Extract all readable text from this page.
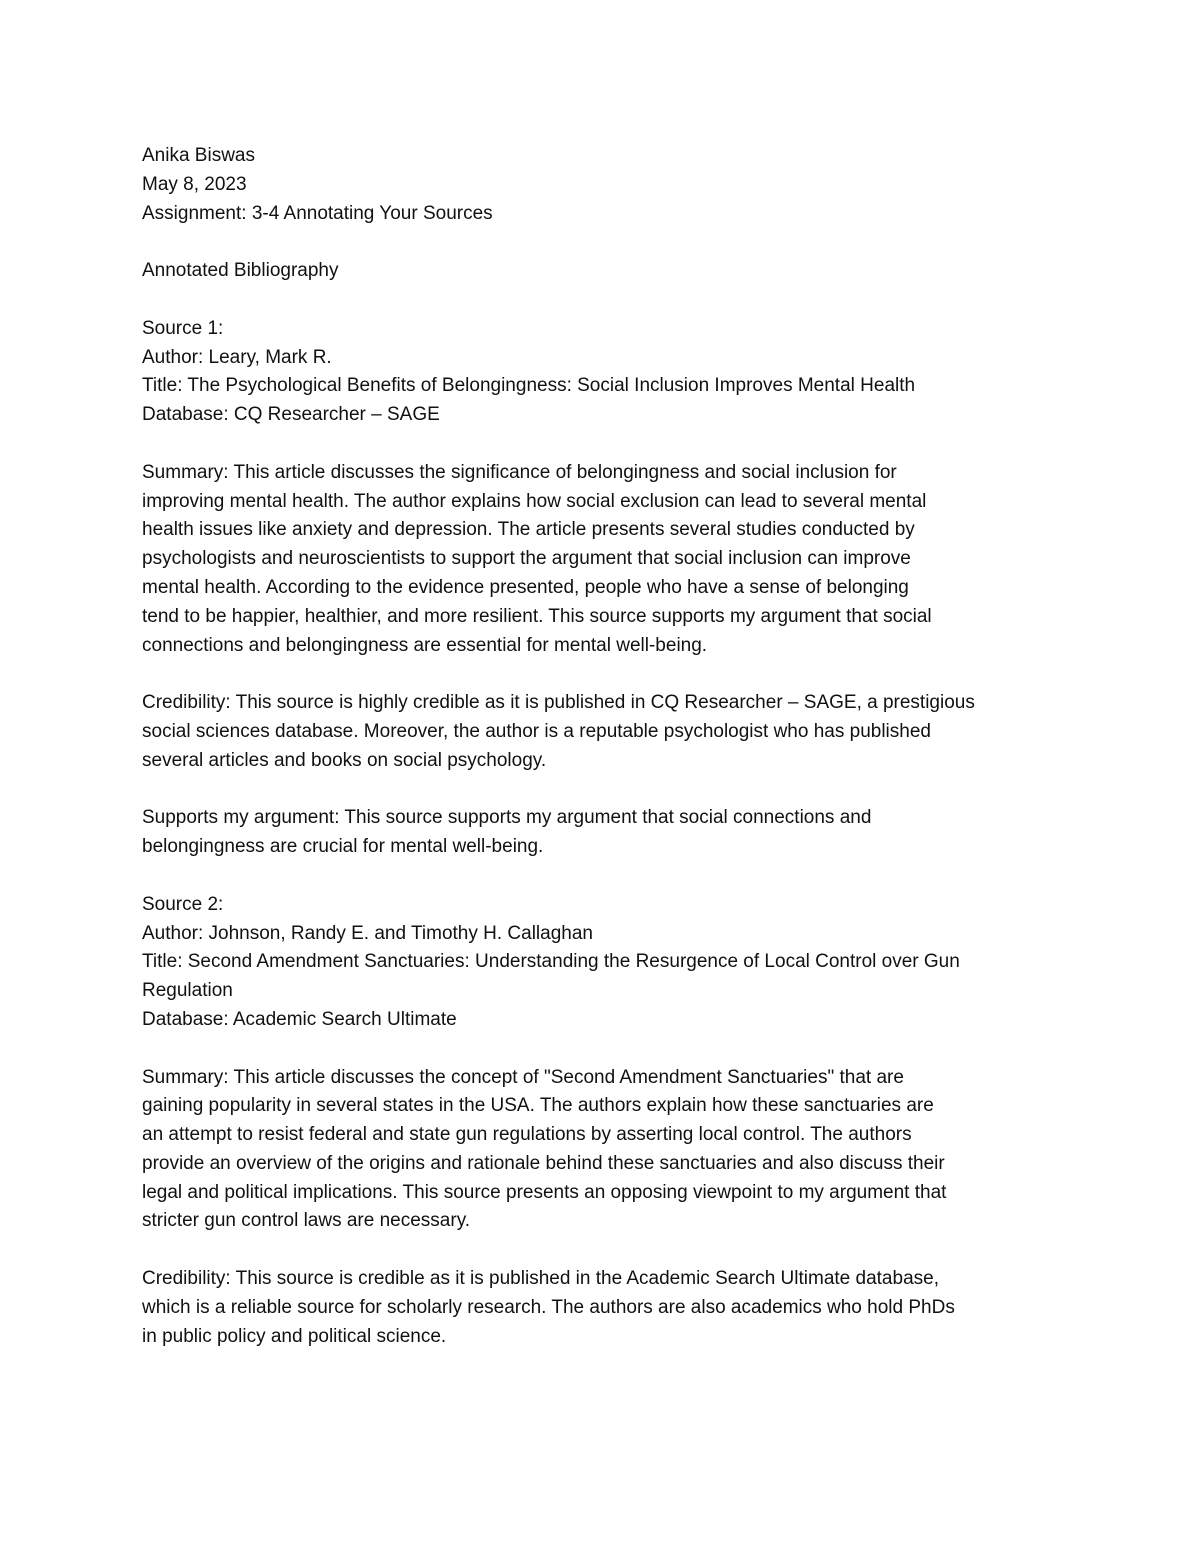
Anika Biswas
May 8, 2023
Assignment: 3-4 Annotating Your Sources
Annotated Bibliography
Source 1:
Author: Leary, Mark R.
Title: The Psychological Benefits of Belongingness: Social Inclusion Improves Mental Health
Database: CQ Researcher – SAGE
Summary: This article discusses the significance of belongingness and social inclusion for
improving mental health. The author explains how social exclusion can lead to several mental
health issues like anxiety and depression. The article presents several studies conducted by
psychologists and neuroscientists to support the argument that social inclusion can improve
mental health. According to the evidence presented, people who have a sense of belonging
tend to be happier, healthier, and more resilient. This source supports my argument that social
connections and belongingness are essential for mental well-being.
Credibility: This source is highly credible as it is published in CQ Researcher – SAGE, a prestigious
social sciences database. Moreover, the author is a reputable psychologist who has published
several articles and books on social psychology.
Supports my argument: This source supports my argument that social connections and
belongingness are crucial for mental well-being.
Source 2:
Author: Johnson, Randy E. and Timothy H. Callaghan
Title: Second Amendment Sanctuaries: Understanding the Resurgence of Local Control over Gun
Regulation
Database: Academic Search Ultimate
Summary: This article discusses the concept of "Second Amendment Sanctuaries" that are
gaining popularity in several states in the USA. The authors explain how these sanctuaries are
an attempt to resist federal and state gun regulations by asserting local control. The authors
provide an overview of the origins and rationale behind these sanctuaries and also discuss their
legal and political implications. This source presents an opposing viewpoint to my argument that
stricter gun control laws are necessary.
Credibility: This source is credible as it is published in the Academic Search Ultimate database,
which is a reliable source for scholarly research. The authors are also academics who hold PhDs
in public policy and political science.
